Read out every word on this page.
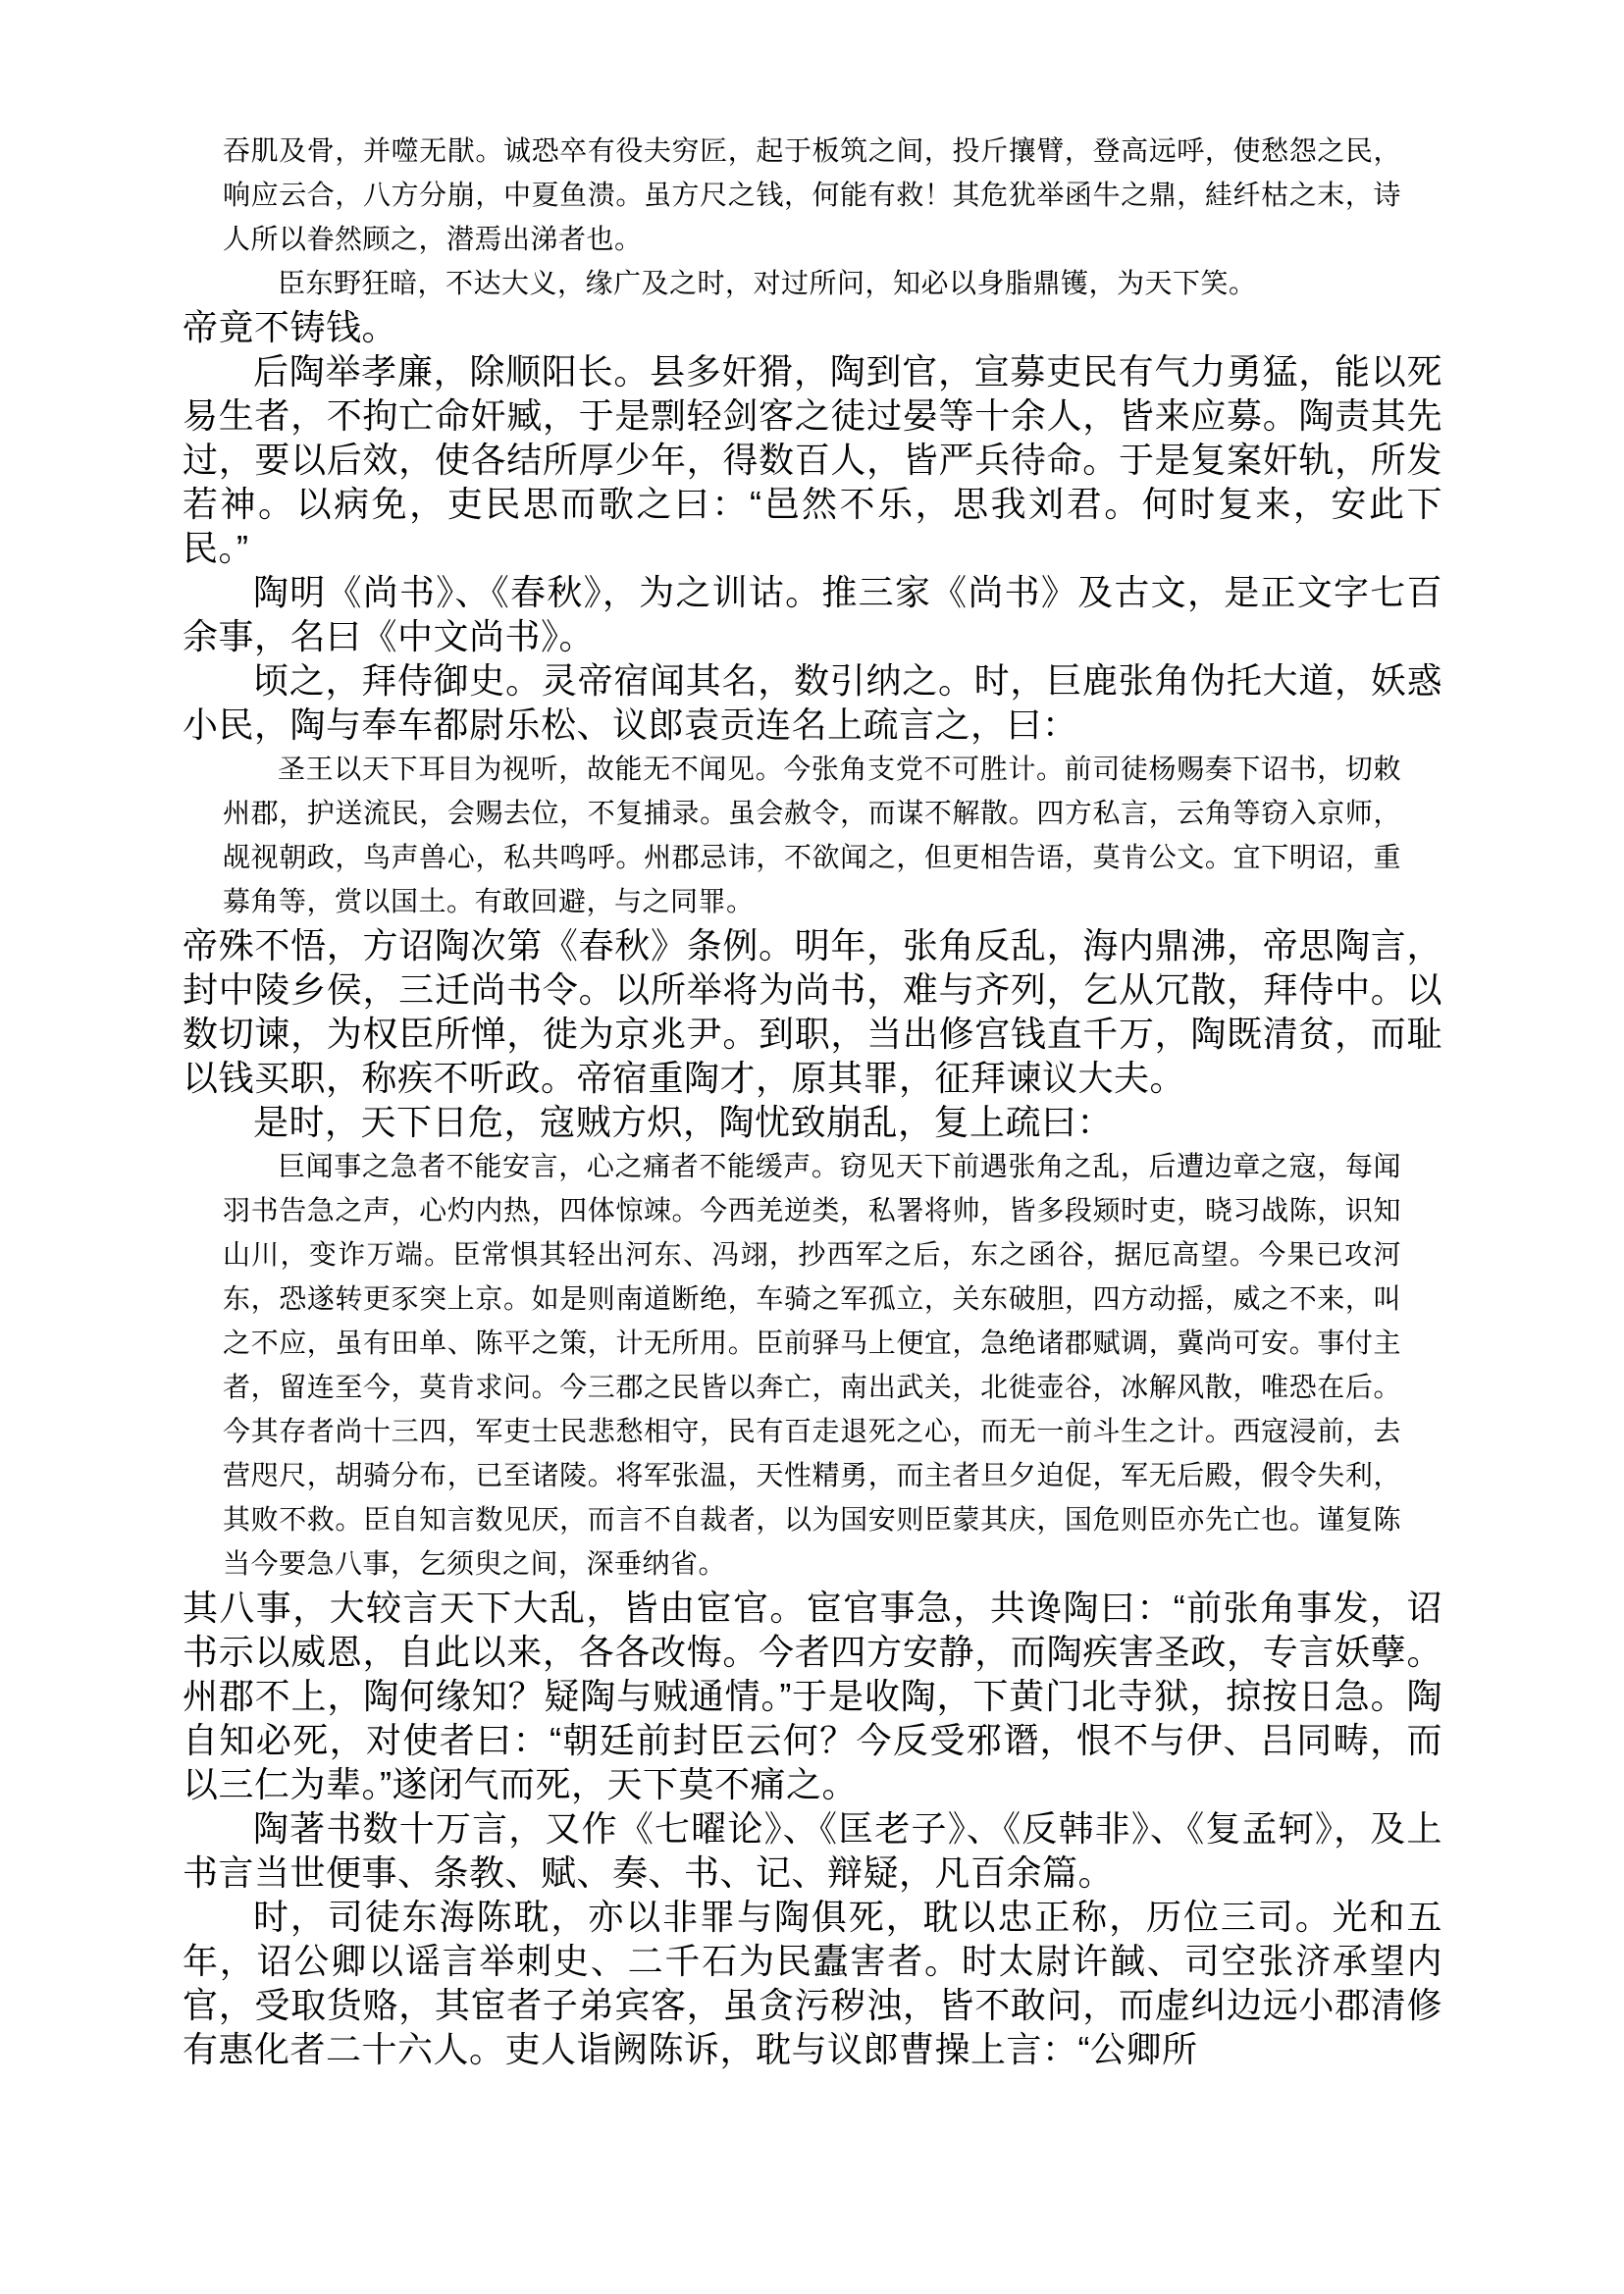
吞肌及骨，并噬无猒。诚恐卒有役夫穷匠，起于板筑之间，投斤攘臂，登高远呼，使愁怨之民，响应云合，八方分崩，中夏鱼溃。虽方尺之钱，何能有救！其危犹举函牛之鼎，絓纤枯之末，诗人所以眷然顾之，潜焉出涕者也。

臣东野狂暗，不达大义，缘广及之时，对过所问，知必以身脂鼎镬，为天下笑。

帝竟不铸钱。

后陶举孝廉，除顺阳长。县多奸猾，陶到官，宣募吏民有气力勇猛，能以死易生者，不拘亡命奸臧，于是剽轻剑客之徒过晏等十余人，皆来应募。陶责其先过，要以后效，使各结所厚少年，得数百人，皆严兵待命。于是复案奸轨，所发若神。以病免，吏民思而歌之曰：“邑然不乐，思我刘君。何时复来，安此下民。”

陶明《尚书》、《春秋》，为之训诂。推三家《尚书》及古文，是正文字七百余事，名曰《中文尚书》。

顷之，拜侍御史。灵帝宿闻其名，数引纳之。时，巨鹿张角伪托大道，妖惑小民，陶与奉车都尉乐松、议郎袁贡连名上疏言之，曰：

圣王以天下耳目为视听，故能无不闻见。今张角支党不可胜计。前司徒杨赐奏下诏书，切敕州郡，护送流民，会赐去位，不复捕录。虽会赦令，而谋不解散。四方私言，云角等窃入京师，觇视朝政，鸟声兽心，私共鸣呼。州郡忌讳，不欲闻之，但更相告语，莫肯公文。宜下明诏，重募角等，赏以国土。有敢回避，与之同罪。

帝殊不悟，方诏陶次第《春秋》条例。明年，张角反乱，海内鼎沸，帝思陶言，封中陵乡侯，三迁尚书令。以所举将为尚书，难与齐列，乞从冗散，拜侍中。以数切谏，为权臣所惮，徙为京兆尹。到职，当出修宫钱直千万，陶既清贫，而耻以钱买职，称疾不听政。帝宿重陶才，原其罪，征拜谏议大夫。

是时，天下日危，寇贼方炽，陶忧致崩乱，复上疏曰：

巨闻事之急者不能安言，心之痛者不能缓声。窃见天下前遇张角之乱，后遭边章之寇，每闻羽书告急之声，心灼内热，四体惊竦。今西羌逆类，私署将帅，皆多段颎时吏，晓习战陈，识知山川，变诈万端。臣常惧其轻出河东、冯翊，抄西军之后，东之函谷，据厄高望。今果已攻河东，恐遂转更豕突上京。如是则南道断绝，车骑之军孤立，关东破胆，四方动摇，威之不来，叫之不应，虽有田单、陈平之策，计无所用。臣前驿马上便宜，急绝诸郡赋调，冀尚可安。事付主者，留连至今，莫肯求问。今三郡之民皆以奔亡，南出武关，北徙壶谷，冰解风散，唯恐在后。今其存者尚十三四，军吏士民悲愁相守，民有百走退死之心，而无一前斗生之计。西寇浸前，去营咫尺，胡骑分布，已至诸陵。将军张温，天性精勇，而主者旦夕迫促，军无后殿，假令失利，其败不救。臣自知言数见厌，而言不自裁者，以为国安则臣蒙其庆，国危则臣亦先亡也。谨复陈当今要急八事，乞须臾之间，深垂纳省。

其八事，大较言天下大乱，皆由宦官。宦官事急，共谗陶曰：“前张角事发，诏书示以威恩，自此以来，各各改悔。今者四方安静，而陶疾害圣政，专言妖孽。州郡不上，陶何缘知？疑陶与贼通情。”于是收陶，下黄门北寺狱，掠按日急。陶自知必死，对使者曰：“朝廷前封臣云何？今反受邪谮，恨不与伊、吕同畴，而以三仁为辈。”遂闭气而死，天下莫不痛之。

陶著书数十万言，又作《七曜论》、《匡老子》、《反韩非》、《复孟轲》，及上书言当世便事、条教、赋、奏、书、记、辩疑，凡百余篇。

时，司徒东海陈耽，亦以非罪与陶俱死，耽以忠正称，历位三司。光和五年，诏公卿以谣言举刺史、二千石为民蠹害者。时太尉许馘、司空张济承望内官，受取货赂，其宦者子弟宾客，虽贪污秽浊，皆不敢问，而虚纠边远小郡清修有惠化者二十六人。吏人诣阙陈诉，耽与议郎曹操上言：“公卿所
